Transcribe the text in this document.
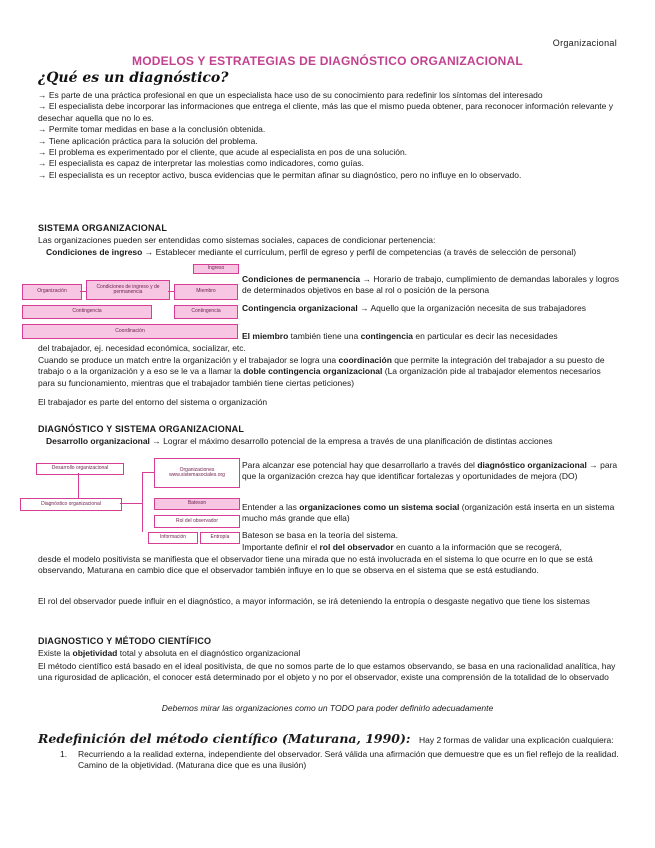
Organizacional
MODELOS Y ESTRATEGIAS DE DIAGNÓSTICO ORGANIZACIONAL
¿Qué es un diagnóstico?
→ Es parte de una práctica profesional en que un especialista hace uso de su conocimiento para redefinir los síntomas del interesado
→ El especialista debe incorporar las informaciones que entrega el cliente, más las que el mismo pueda obtener, para reconocer información relevante y desechar aquella que no lo es.
→ Permite tomar medidas en base a la conclusión obtenida.
→ Tiene aplicación práctica para la solución del problema.
→ El problema es experimentado por el cliente, que acude al especialista en pos de una solución.
→ El especialista es capaz de interpretar las molestias como indicadores, como guías.
→ El especialista es un receptor activo, busca evidencias que le permitan afinar su diagnóstico, pero no influye en lo observado.
SISTEMA ORGANIZACIONAL
Las organizaciones pueden ser entendidas como sistemas sociales, capaces de condicionar pertenencia:
Condiciones de ingreso → Establecer mediante el currículum, perfil de egreso y perfil de competencias (a través de selección de personal)
Ingreso
Organización
Condiciones de ingreso y de permanencia	Miembro
Contingencia	Contingencia
Coordinación
Condiciones de permanencia → Horario de trabajo, cumplimiento de demandas laborales y logros de determinados objetivos en base al rol o posición de la persona
Contingencia organizacional → Aquello que la organización necesita de sus trabajadores
El miembro también tiene una contingencia en particular es decir las necesidades
del trabajador, ej. necesidad económica, socializar, etc.
Cuando se produce un match entre la organización y el trabajador se logra una coordinación que permite la integración del trabajador a su puesto de trabajo o a la organización y a eso se le va a llamar la doble contingencia organizacional (La organización pide al trabajador elementos necesarios para su funcionamiento, mientras que el trabajador también tiene ciertas peticiones)
El trabajador es parte del entorno del sistema o organización
DIAGNÓSTICO Y SISTEMA ORGANIZACIONAL
Desarrollo organizacional → Lograr el máximo desarrollo potencial de la empresa a través de una planificación de distintas acciones
Desarrollo organizacional	Organizaciones
www.sistemasociales.org
Diagnóstico organizacional	Bateson
Rol del observador
Información	Entropía
Para alcanzar ese potencial hay que desarrollarlo a través del diagnóstico organizacional → para que la organización crezca hay que identificar fortalezas y oportunidades de mejora (DO)
Entender a las organizaciones como un sistema social (organización está inserta en un sistema mucho más grande que ella)
Bateson se basa en la teoría del sistema.
Importante definir el rol del observador en cuanto a la información que se recogerá,
desde el modelo positivista se manifiesta que el observador tiene una mirada que no está involucrada en el sistema lo que ocurre en lo que se está observando, Maturana en cambio dice que el observador también influye en lo que se observa en el sistema que se está estudiando.
El rol del observador puede influir en el diagnóstico, a mayor información, se irá deteniendo la entropía o desgaste negativo que tiene los sistemas
DIAGNOSTICO Y MÉTODO CIENTÍFICO
Existe la objetividad total y absoluta en el diagnóstico organizacional
El método científico está basado en el ideal positivista, de que no somos parte de lo que estamos observando, se basa en una racionalidad analítica, hay una rigurosidad de aplicación, el conocer está determinado por el objeto y no por el observador, existe una comprensión de la totalidad de lo observado
Debemos mirar las organizaciones como un TODO para poder definirlo adecuadamente
Redefinición del método científico (Maturana, 1990): Hay 2 formas de validar una explicación cualquiera:
1.	Recurriendo a la realidad externa, independiente del observador. Será válida una afirmación que demuestre que es un fiel reflejo de la realidad. Camino de la objetividad. (Maturana dice que es una ilusión)
